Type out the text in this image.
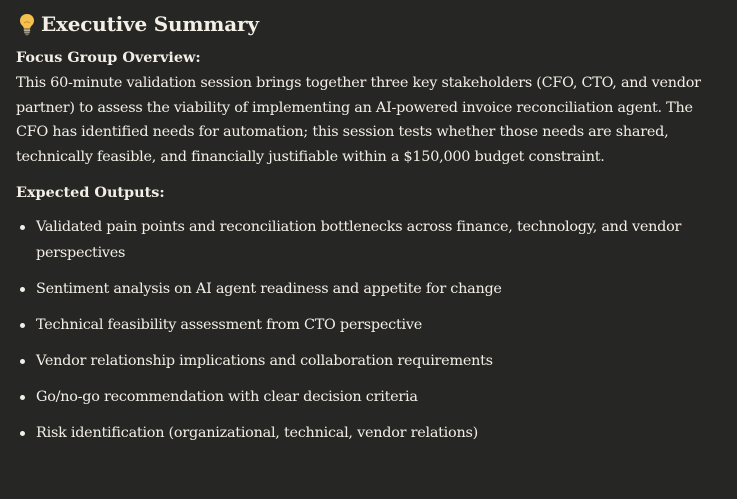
Executive Summary

Focus Group Overview:

This 60-minute validation session brings together three key stakeholders (CFO, CTO, and vendor partner) to assess the viability of implementing an AI-powered invoice reconciliation agent. The CFO has identified needs for automation; this session tests whether those needs are shared, technically feasible, and financially justifiable within a $150,000 budget constraint.

Expected Outputs:

Validated pain points and reconciliation bottlenecks across finance, technology, and vendor perspectives
Sentiment analysis on AI agent readiness and appetite for change
Technical feasibility assessment from CTO perspective
Vendor relationship implications and collaboration requirements
Go/no-go recommendation with clear decision criteria
Risk identification (organizational, technical, vendor relations)
